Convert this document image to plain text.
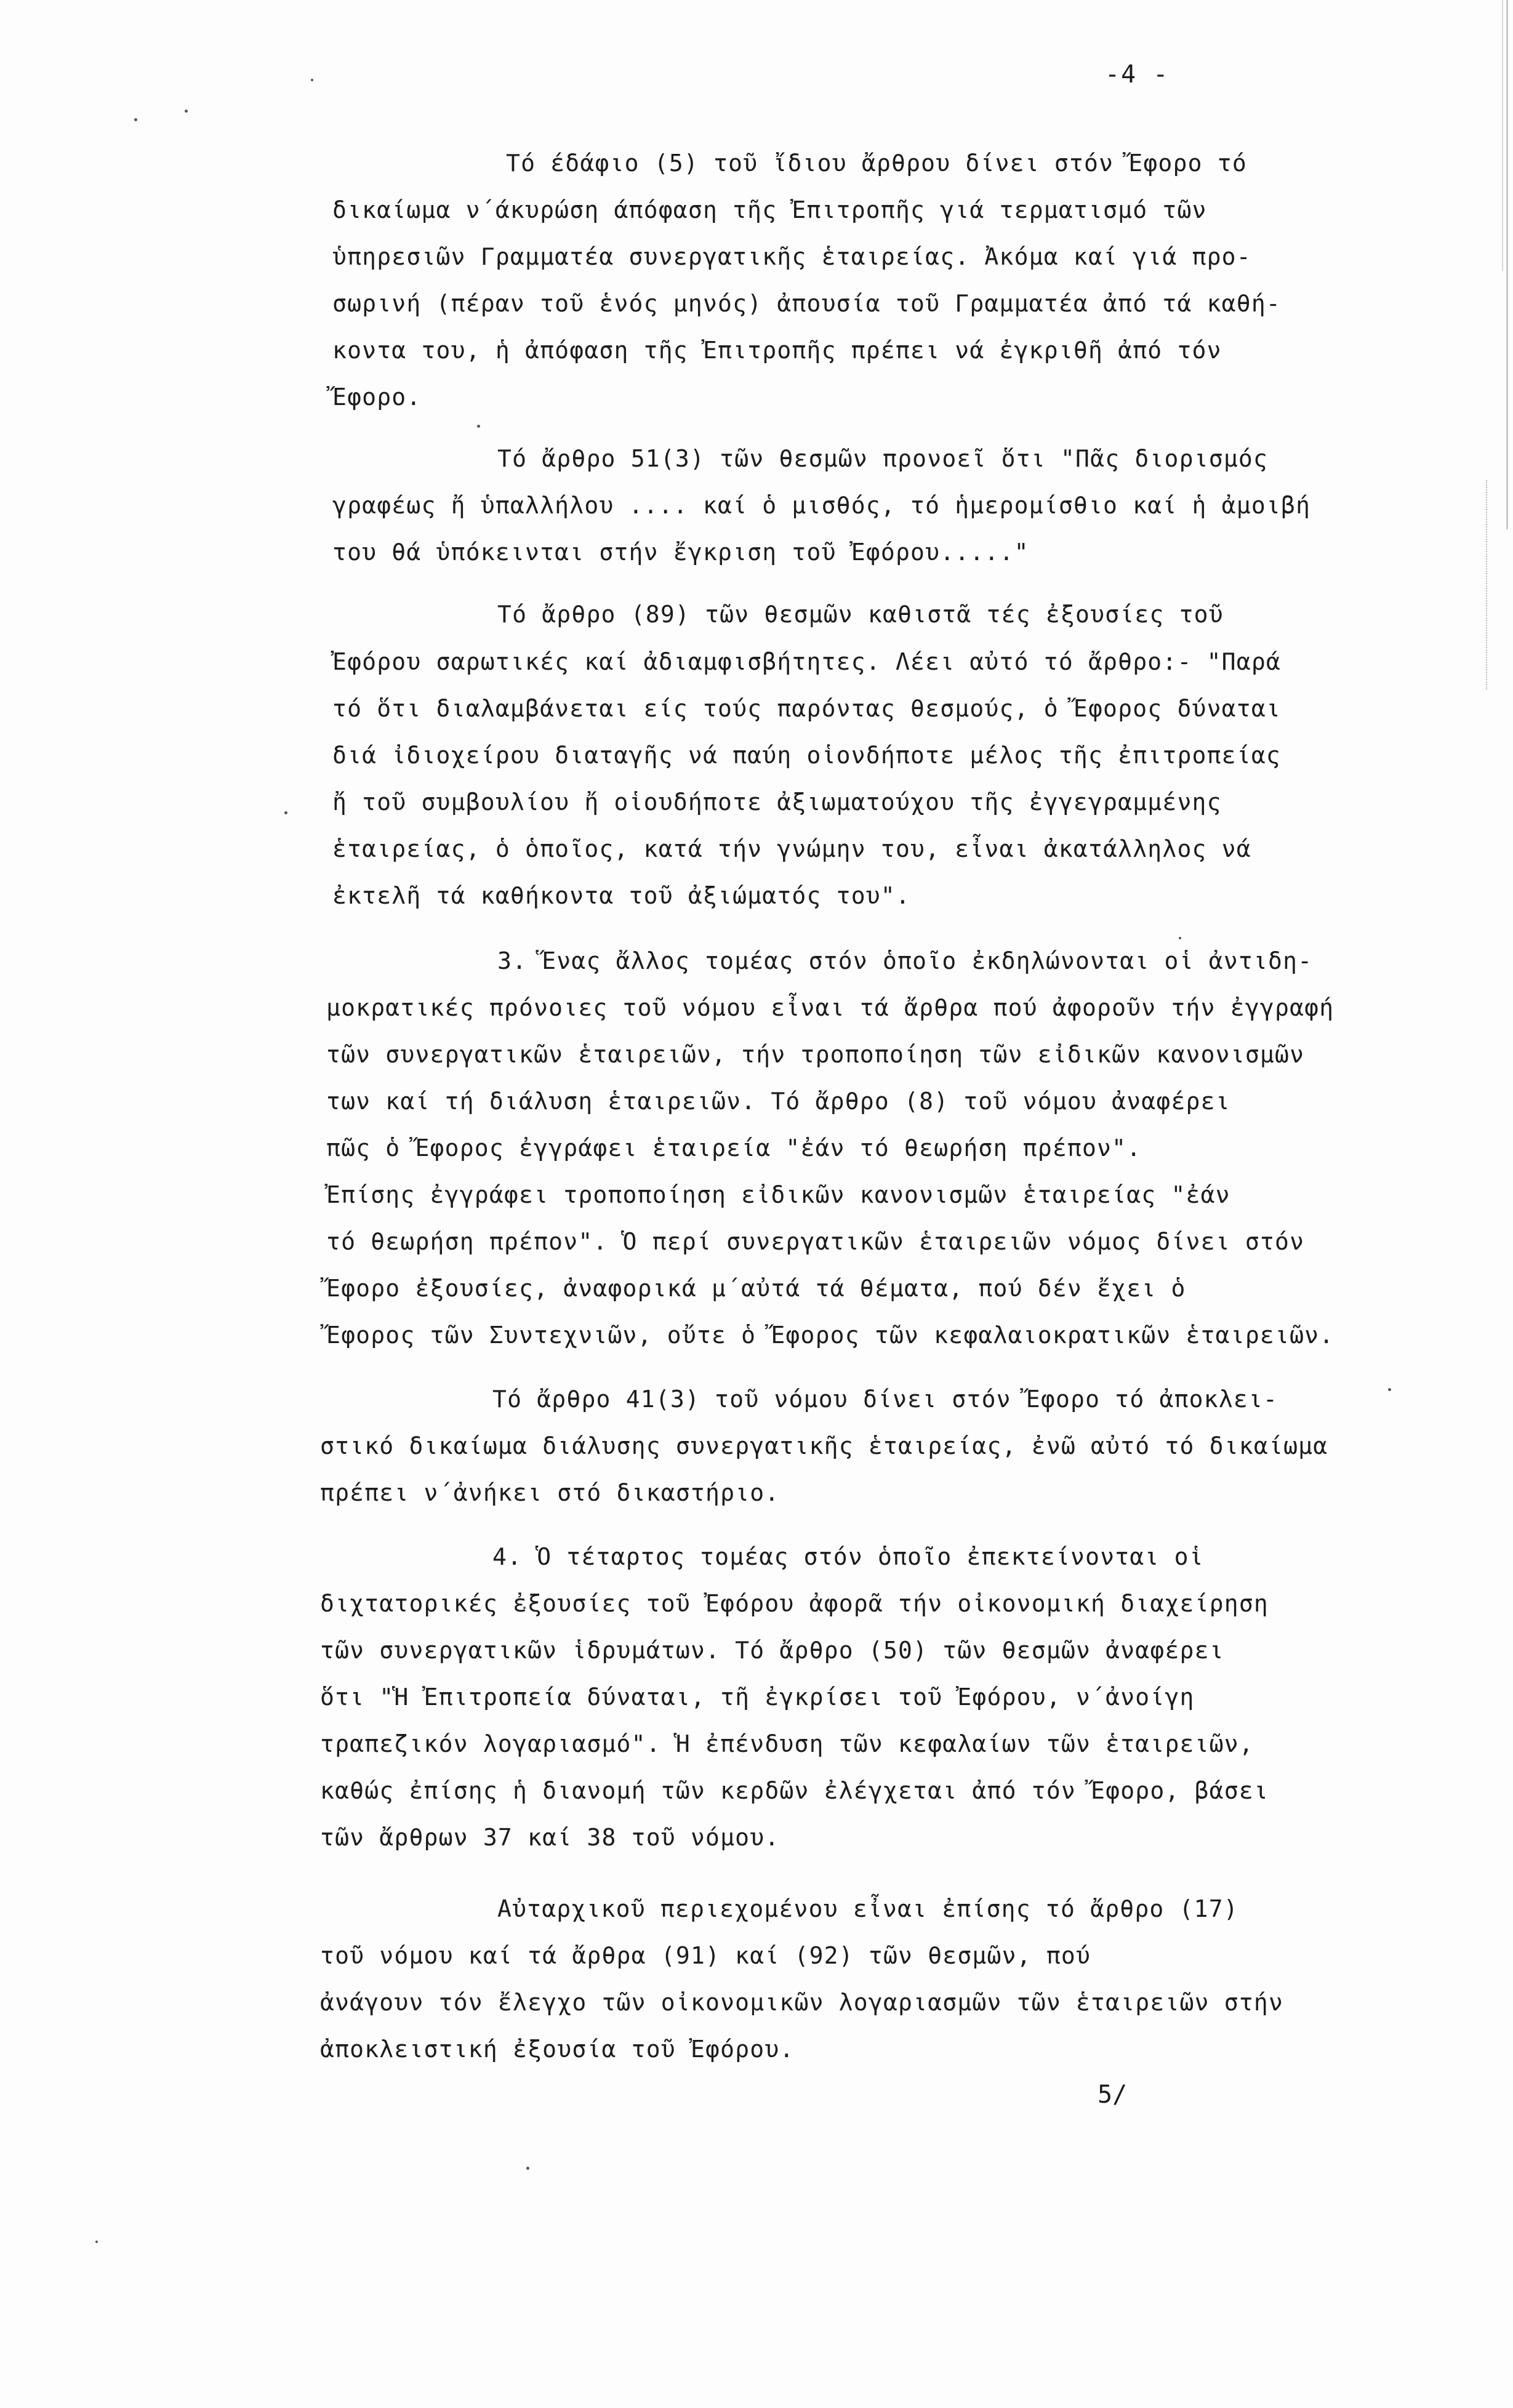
-4 -
Τό έδάφιο (5) τοῦ ἴδιου ἄρθρου δίνει στόν Ἔφορο τό
δικαίωμα ν΄άκυρώση άπόφαση τῆς Ἐπιτροπῆς γιά τερματισμό τῶν
ὑπηρεσιῶν Γραμματέα συνεργατικῆς ἑταιρείας. Ἀκόμα καί γιά προ-
σωρινή (πέραν τοῦ ἑνός μηνός) ἀπουσία τοῦ Γραμματέα ἀπό τά καθή-
κοντα του, ἡ ἀπόφαση τῆς Ἐπιτροπῆς πρέπει νά ἐγκριθῆ ἀπό τόν
Ἔφορο.
Τό ἄρθρο 51(3) τῶν θεσμῶν προνοεῖ ὅτι "Πᾶς διορισμός
γραφέως ἤ ὑπαλλήλου .... καί ὁ μισθός, τό ἡμερομίσθιο καί ἡ ἀμοιβή
του θά ὑπόκεινται στήν ἔγκριση τοῦ Ἐφόρου....."
Τό ἄρθρο (89) τῶν θεσμῶν καθιστᾶ τές ἐξουσίες τοῦ
Ἐφόρου σαρωτικές καί ἀδιαμφισβήτητες. Λέει αὐτό τό ἄρθρο:- "Παρά
τό ὅτι διαλαμβάνεται είς τούς παρόντας θεσμούς, ὁ Ἔφορος δύναται
διά ἰδιοχείρου διαταγῆς νά παύη οἱονδήποτε μέλος τῆς ἐπιτροπείας
ἤ τοῦ συμβουλίου ἤ οἱουδήποτε ἀξιωματούχου τῆς ἐγγεγραμμένης
ἑταιρείας, ὁ ὁποῖος, κατά τήν γνώμην του, εἶναι ἀκατάλληλος νά
ἐκτελῆ τά καθήκοντα τοῦ ἀξιώματός του".
3. Ἕνας ἄλλος τομέας στόν ὁποῖο ἐκδηλώνονται οἱ ἀντιδη-
μοκρατικές πρόνοιες τοῦ νόμου εἶναι τά ἄρθρα πού ἀφοροῦν τήν ἐγγραφή
τῶν συνεργατικῶν ἑταιρειῶν, τήν τροποποίηση τῶν εἰδικῶν κανονισμῶν
των καί τή διάλυση ἑταιρειῶν. Τό ἄρθρο (8) τοῦ νόμου ἀναφέρει
πῶς ὁ Ἔφορος ἐγγράφει ἑταιρεία "ἐάν τό θεωρήση πρέπον".
Ἐπίσης ἐγγράφει τροποποίηση εἰδικῶν κανονισμῶν ἑταιρείας "ἐάν
τό θεωρήση πρέπον". Ὁ περί συνεργατικῶν ἑταιρειῶν νόμος δίνει στόν
Ἔφορο ἐξουσίες, ἀναφορικά μ΄αὐτά τά θέματα, πού δέν ἔχει ὁ
Ἔφορος τῶν Συντεχνιῶν, οὔτε ὁ Ἔφορος τῶν κεφαλαιοκρατικῶν ἑταιρειῶν.
Τό ἄρθρο 41(3) τοῦ νόμου δίνει στόν Ἔφορο τό ἀποκλει-
στικό δικαίωμα διάλυσης συνεργατικῆς ἑταιρείας, ἐνῶ αὐτό τό δικαίωμα
πρέπει ν΄ἀνήκει στό δικαστήριο.
4. Ὁ τέταρτος τομέας στόν ὁποῖο ἐπεκτείνονται οἱ
διχτατορικές ἐξουσίες τοῦ Ἐφόρου ἀφορᾶ τήν οἰκονομική διαχείρηση
τῶν συνεργατικῶν ἱδρυμάτων. Τό ἄρθρο (50) τῶν θεσμῶν ἀναφέρει
ὅτι "Ἡ Ἐπιτροπεία δύναται, τῆ ἐγκρίσει τοῦ Ἐφόρου, ν΄ἀνοίγη
τραπεζικόν λογαριασμό". Ἡ ἐπένδυση τῶν κεφαλαίων τῶν ἑταιρειῶν,
καθώς ἐπίσης ἡ διανομή τῶν κερδῶν ἐλέγχεται ἀπό τόν Ἔφορο, βάσει
τῶν ἄρθρων 37 καί 38 τοῦ νόμου.
Αὐταρχικοῦ περιεχομένου εἶναι ἐπίσης τό ἄρθρο (17)
τοῦ νόμου καί τά ἄρθρα (91) καί (92) τῶν θεσμῶν, πού
ἀνάγουν τόν ἔλεγχο τῶν οἰκονομικῶν λογαριασμῶν τῶν ἑταιρειῶν στήν
ἀποκλειστική ἐξουσία τοῦ Ἐφόρου.
5/
